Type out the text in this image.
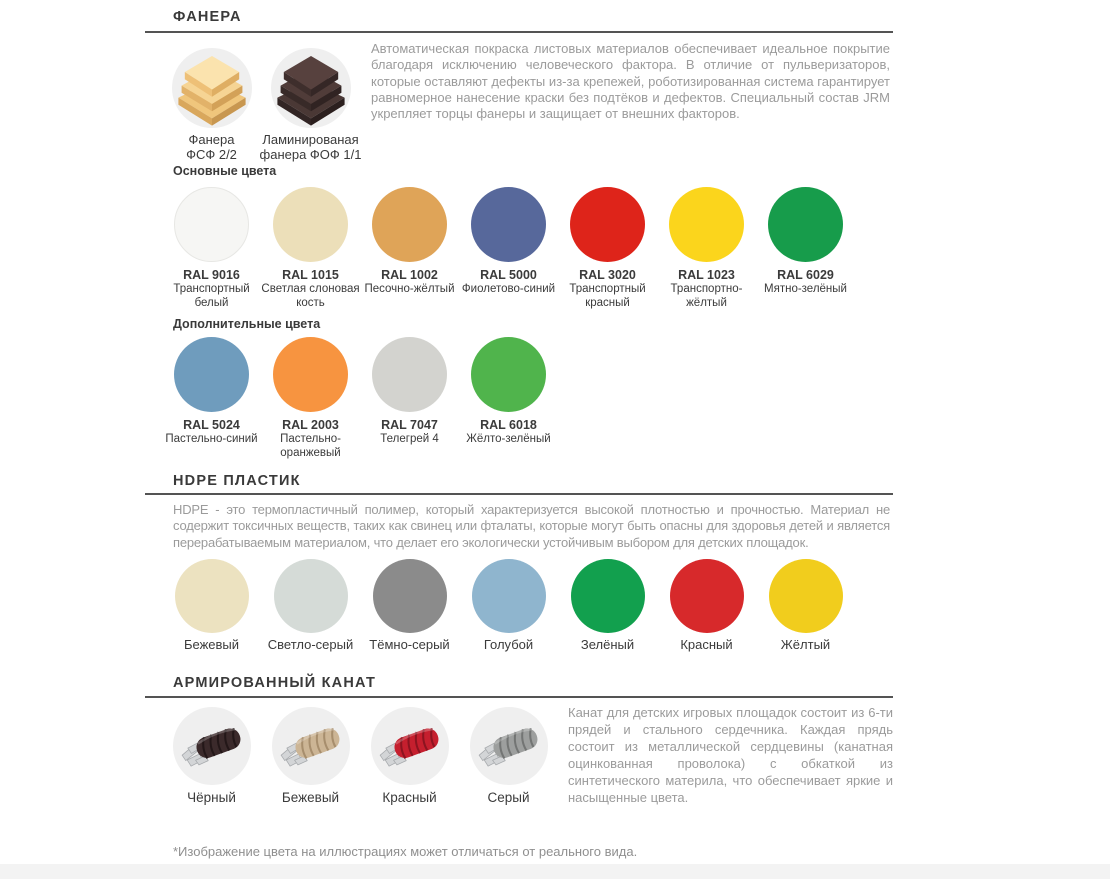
ФАНЕРА
Фанера
ФСФ 2/2
Ламинированая
фанера ФОФ 1/1

Автоматическая покраска листовых материалов обеспечивает идеальное покрытие благодаря исключению человеческого фактора. В отличие от пульверизаторов, которые оставляют дефекты из-за крепежей, роботизированная система гарантирует равномерное нанесение краски без подтёков и дефектов. Специальный состав JRM укрепляет торцы фанеры и защищает от внешних факторов.

Основные цвета
RAL 9016
Транспортный белый
RAL 1015
Светлая слоновая кость
RAL 1002
Песочно-жёлтый
RAL 5000
Фиолетово-синий
RAL 3020
Транспортный красный
RAL 1023
Транспортно-жёлтый
RAL 6029
Мятно-зелёный
Дополнительные цвета
RAL 5024
Пастельно-синий
RAL 2003
Пастельно-оранжевый
RAL 7047
Телегрей 4
RAL 6018
Жёлто-зелёный
HDPE ПЛАСТИК

HDPE - это термопластичный полимер, который характеризуется высокой плотностью и прочностью. Материал не содержит токсичных веществ, таких как свинец или фталаты, которые могут быть опасны для здоровья детей и является перерабатываемым материалом, что делает его экологически устойчивым выбором для детских площадок.

Бежевый Светло-серый Тёмно-серый	Голубой	Зелёный	Красный	Жёлтый
АРМИРОВАННЫЙ КАНАТ
Чёрный	Бежевый	Красный	Серый

Канат для детских игровых площадок состоит из 6-ти прядей и стального сердечника. Каждая прядь состоит из металлической сердцевины (канатная оцинкованная проволока) с обкаткой из синтетического материла, что обеспечивает яркие и насыщенные цвета.

*Изображение цвета на иллюстрациях может отличаться от реального вида.
